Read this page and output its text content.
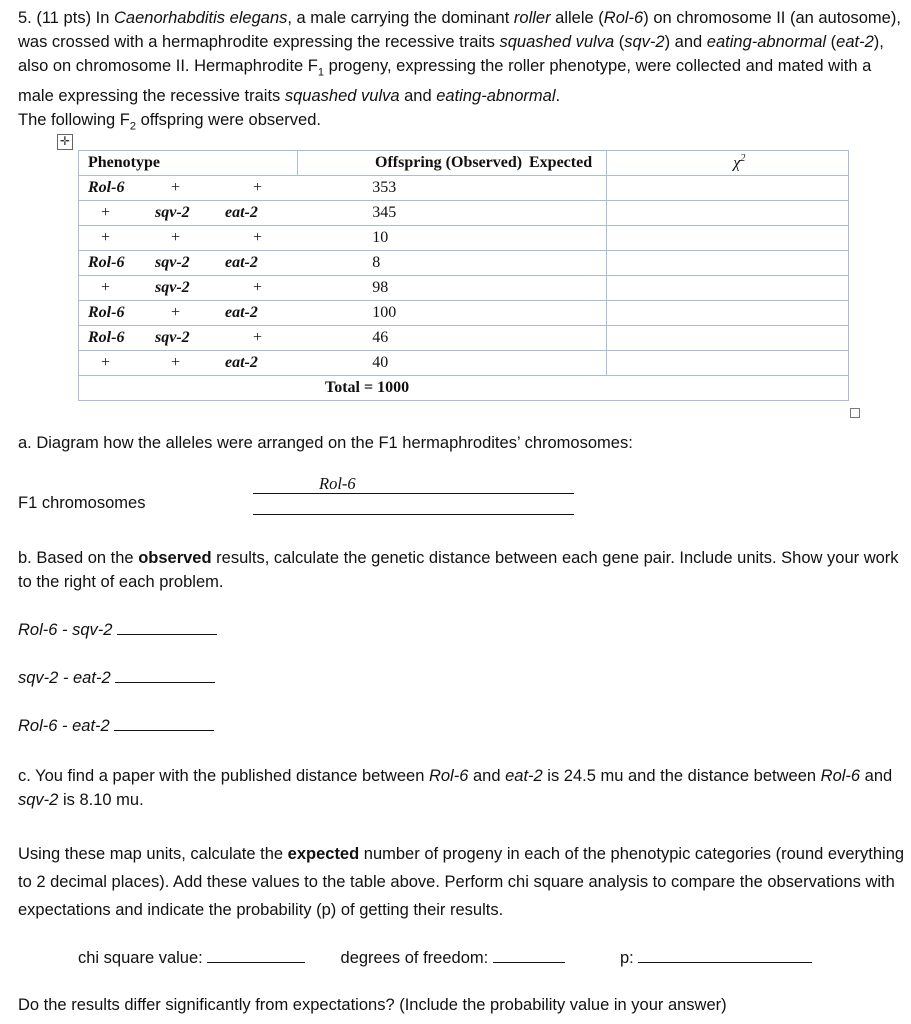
5. (11 pts) In Caenorhabditis elegans, a male carrying the dominant roller allele (Rol-6) on chromosome II (an autosome), was crossed with a hermaphrodite expressing the recessive traits squashed vulva (sqv-2) and eating-abnormal (eat-2), also on chromosome II. Hermaphrodite $F_1$ progeny, expressing the roller phenotype, were collected and mated with a male expressing the recessive traits squashed vulva and eating-abnormal.
The following $F_2$ offspring were observed.
✛
Phenotype		Offspring (Observed) Expected	$\chi^2$

Rol-6 + +	353		

+ sqv-2 eat-2	345		

+ + +	10		

Rol-6 sqv-2 eat-2	8		

+ sqv-2 +	98		

Rol-6 + eat-2	100		

Rol-6 sqv-2 +	46		

+ + eat-2	40		

Total = 1000			
a. Diagram how the alleles were arranged on the F1 hermaphrodites’ chromosomes:
Rol-6
F1 chromosomes
b. Based on the observed results, calculate the genetic distance between each gene pair. Include units. Show your work to the right of each problem.
Rol-6 - sqv-2
sqv-2 - eat-2
Rol-6 - eat-2
c. You find a paper with the published distance between Rol-6 and eat-2 is 24.5 mu and the distance between Rol-6 and sqv-2 is 8.10 mu.
Using these map units, calculate the expected number of progeny in each of the phenotypic categories (round everything to 2 decimal places). Add these values to the table above. Perform chi square analysis to compare the observations with expectations and indicate the probability (p) of getting their results.
chi square value:	degrees of freedom:	p:
Do the results differ significantly from expectations? (Include the probability value in your answer)
